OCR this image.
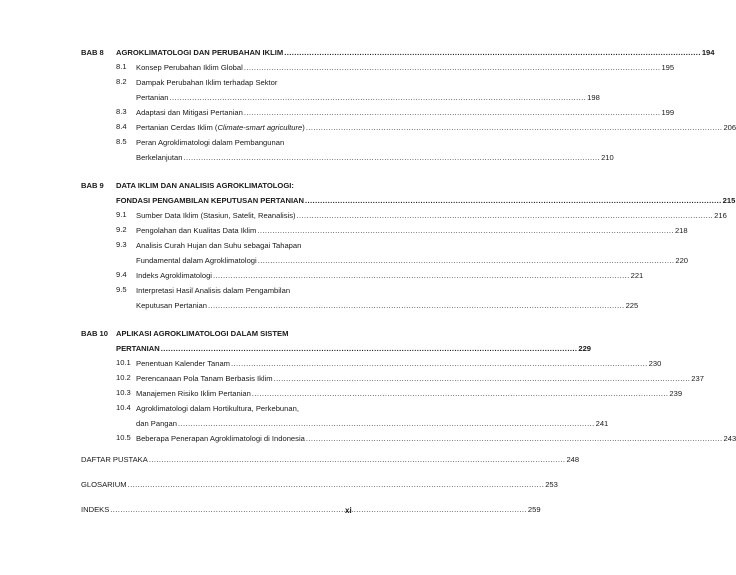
BAB 8	AGROKLIMATOLOGI DAN PERUBAHAN IKLIM .....	194
8.1	Konsep Perubahan Iklim Global .....	195
8.2	Dampak Perubahan Iklim terhadap Sektor
Pertanian .....	198
8.3	Adaptasi dan Mitigasi Pertanian .....	199
8.4	Pertanian Cerdas Iklim (Climate-smart agriculture) .....	206
8.5	Peran Agroklimatologi dalam Pembangunan
Berkelanjutan .....	210
BAB 9	DATA IKLIM DAN ANALISIS AGROKLIMATOLOGI:
FONDASI PENGAMBILAN KEPUTUSAN PERTANIAN .....	215
9.1	Sumber Data Iklim (Stasiun, Satelit, Reanalisis) .....	216
9.2	Pengolahan dan Kualitas Data Iklim .....	218
9.3	Analisis Curah Hujan dan Suhu sebagai Tahapan
Fundamental dalam Agroklimatologi .....	220
9.4	Indeks Agroklimatologi .....	221
9.5	Interpretasi Hasil Analisis dalam Pengambilan
Keputusan Pertanian .....	225
BAB 10	APLIKASI AGROKLIMATOLOGI DALAM SISTEM
PERTANIAN .....	229
10.1 Penentuan Kalender Tanam .....	230
10.2 Perencanaan Pola Tanam Berbasis Iklim .....	237
10.3 Manajemen Risiko Iklim Pertanian .....	239
10.4 Agroklimatologi dalam Hortikultura, Perkebunan,
dan Pangan .....	241
10.5 Beberapa Penerapan Agroklimatologi di Indonesia .....	243
DAFTAR PUSTAKA .....	248
GLOSARIUM .....	253
INDEKS .....	259
xi
